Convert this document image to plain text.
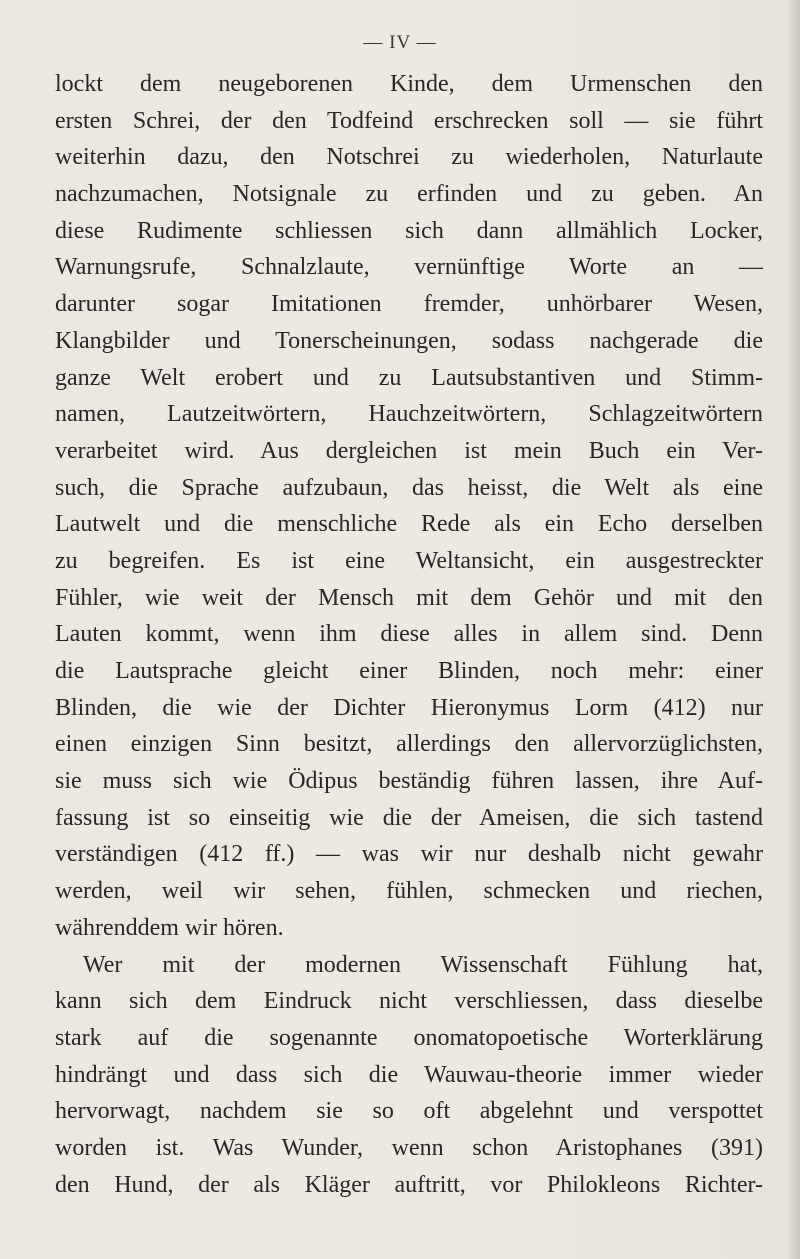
— IV —
lockt dem neugeborenen Kinde, dem Urmenschen den
ersten Schrei, der den Todfeind erschrecken soll — sie führt
weiterhin dazu, den Notschrei zu wiederholen, Naturlaute
nachzumachen, Notsignale zu erfinden und zu geben. An
diese Rudimente schliessen sich dann allmählich Locker,
Warnungsrufe, Schnalzlaute, vernünftige Worte an —
darunter sogar Imitationen fremder, unhörbarer Wesen,
Klangbilder und Tonerscheinungen, sodass nachgerade die
ganze Welt erobert und zu Lautsubstantiven und Stimm-
namen, Lautzeitwörtern, Hauchzeitwörtern, Schlagzeitwörtern
verarbeitet wird. Aus dergleichen ist mein Buch ein Ver-
such, die Sprache aufzubaun, das heisst, die Welt als eine
Lautwelt und die menschliche Rede als ein Echo derselben
zu begreifen. Es ist eine Weltansicht, ein ausgestreckter
Fühler, wie weit der Mensch mit dem Gehör und mit den
Lauten kommt, wenn ihm diese alles in allem sind. Denn
die Lautsprache gleicht einer Blinden, noch mehr: einer
Blinden, die wie der Dichter Hieronymus Lorm (412) nur
einen einzigen Sinn besitzt, allerdings den allervorzüglichsten,
sie muss sich wie Ödipus beständig führen lassen, ihre Auf-
fassung ist so einseitig wie die der Ameisen, die sich tastend
verständigen (412 ff.) — was wir nur deshalb nicht gewahr
werden, weil wir sehen, fühlen, schmecken und riechen,
währenddem wir hören.
Wer mit der modernen Wissenschaft Fühlung hat,
kann sich dem Eindruck nicht verschliessen, dass dieselbe
stark auf die sogenannte onomatopoetische Worterklärung
hindrängt und dass sich die Wauwau-theorie immer wieder
hervorwagt, nachdem sie so oft abgelehnt und verspottet
worden ist. Was Wunder, wenn schon Aristophanes (391)
den Hund, der als Kläger auftritt, vor Philokleons Richter-
